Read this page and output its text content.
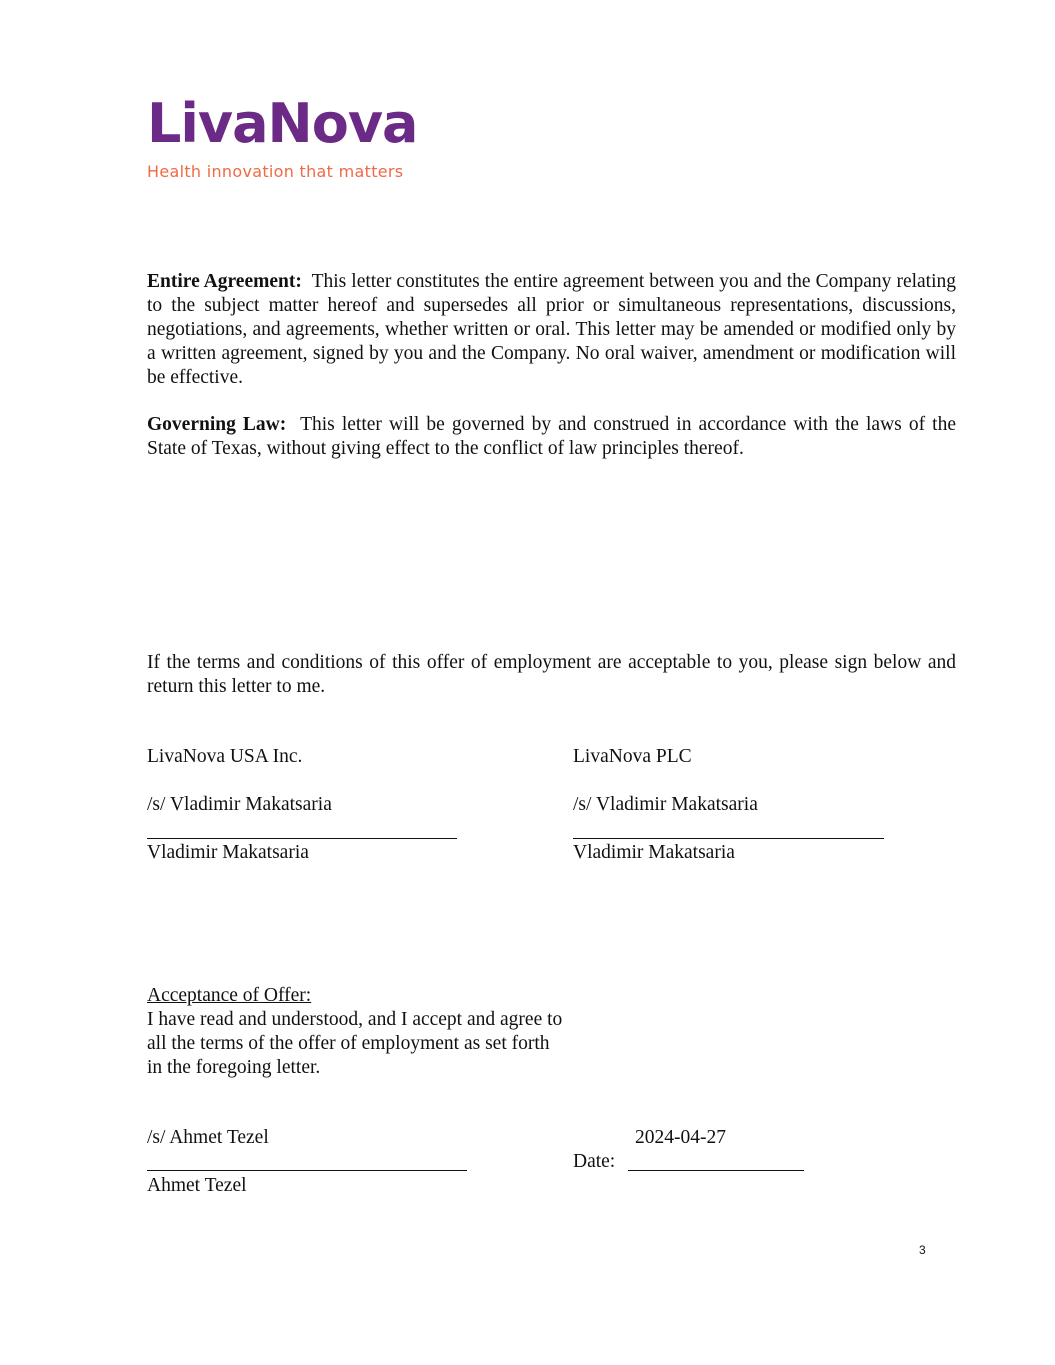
LivaNova
Health innovation that matters
Entire Agreement: This letter constitutes the entire agreement between you and the Company relating to the subject matter hereof and supersedes all prior or simultaneous representations, discussions, negotiations, and agreements, whether written or oral. This letter may be amended or modified only by a written agreement, signed by you and the Company. No oral waiver, amendment or modification will be effective.
Governing Law: This letter will be governed by and construed in accordance with the laws of the State of Texas, without giving effect to the conflict of law principles thereof.
If the terms and conditions of this offer of employment are acceptable to you, please sign below and return this letter to me.
LivaNova USA Inc.	LivaNova PLC
/s/ Vladimir Makatsaria	/s/ Vladimir Makatsaria
Vladimir Makatsaria	Vladimir Makatsaria
Acceptance of Offer:
I have read and understood, and I accept and agree to
all the terms of the offer of employment as set forth
in the foregoing letter.
/s/ Ahmet Tezel	2024-04-27
Date:
Ahmet Tezel
3
